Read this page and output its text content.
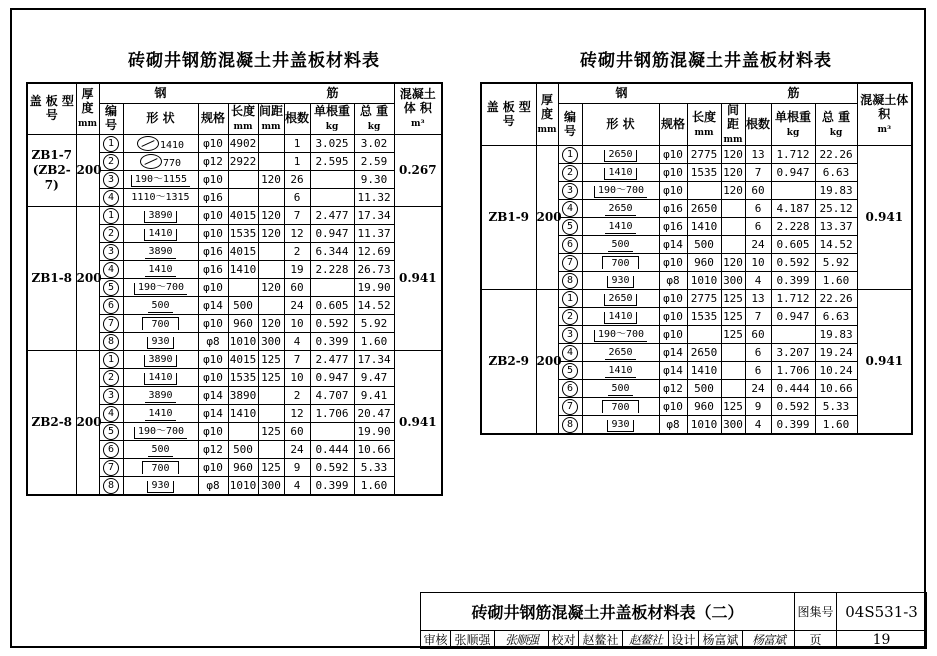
砖砌井钢筋混凝土井盖板材料表	砖砌井钢筋混凝土井盖板材料表
盖 板 型 号	厚 度
mm	钢 筋								混凝土体 积
m³
		编号	形 状	规格	长度
mm	间距
mm	根数	单根重
kg	总 重
kg	
ZB1-7 (ZB2-7)	200	1	1410	φ10	4902		1	3.025	3.02	0.267
		2	770	φ12	2922		1	2.595	2.59	
		3	190～1155	φ10		120	26		9.30	
		4	1110～1315	φ16			6		11.32	
ZB1-8	200	1	3890	φ10	4015	120	7	2.477	17.34	0.941
		2	1410	φ10	1535	120	12	0.947	11.37	
		3	3890	φ16	4015		2	6.344	12.69	
		4	1410	φ16	1410		19	2.228	26.73	
		5	190～700	φ10		120	60		19.90	
		6	500	φ14	500		24	0.605	14.52	
		7	700	φ10	960	120	10	0.592	5.92	
		8	930	φ8	1010	300	4	0.399	1.60	
ZB2-8	200	1	3890	φ10	4015	125	7	2.477	17.34	0.941
		2	1410	φ10	1535	125	10	0.947	9.47	
		3	3890	φ14	3890		2	4.707	9.41	
		4	1410	φ14	1410		12	1.706	20.47	
		5	190～700	φ10		125	60		19.90	
		6	500	φ12	500		24	0.444	10.66	
		7	700	φ10	960	125	9	0.592	5.33	
		8	930	φ8	1010	300	4	0.399	1.60	
盖 板 型 号	厚 度
mm	钢 筋								混凝土体 积
m³
		编号	形 状	规格	长度
mm	间距
mm	根数	单根重
kg	总 重
kg	
ZB1-9	200	1	2650	φ10	2775	120	13	1.712	22.26	0.941
		2	1410	φ10	1535	120	7	0.947	6.63	
		3	190～700	φ10		120	60		19.83	
		4	2650	φ16	2650		6	4.187	25.12	
		5	1410	φ16	1410		6	2.228	13.37	
		6	500	φ14	500		24	0.605	14.52	
		7	700	φ10	960	120	10	0.592	5.92	
		8	930	φ8	1010	300	4	0.399	1.60	
ZB2-9	200	1	2650	φ10	2775	125	13	1.712	22.26	0.941
		2	1410	φ10	1535	125	7	0.947	6.63	
		3	190～700	φ10		125	60		19.83	
		4	2650	φ14	2650		6	3.207	19.24	
		5	1410	φ14	1410		6	1.706	10.24	
		6	500	φ12	500		24	0.444	10.66	
		7	700	φ10	960	125	9	0.592	5.33	
		8	930	φ8	1010	300	4	0.399	1.60	
砖砌井钢筋混凝土井盖板材料表（二）									图集号	04S531-3
审核	张顺强	张顺强	校对	赵鳌社	赵鳌社	设计	杨富斌	杨富斌	页	19
